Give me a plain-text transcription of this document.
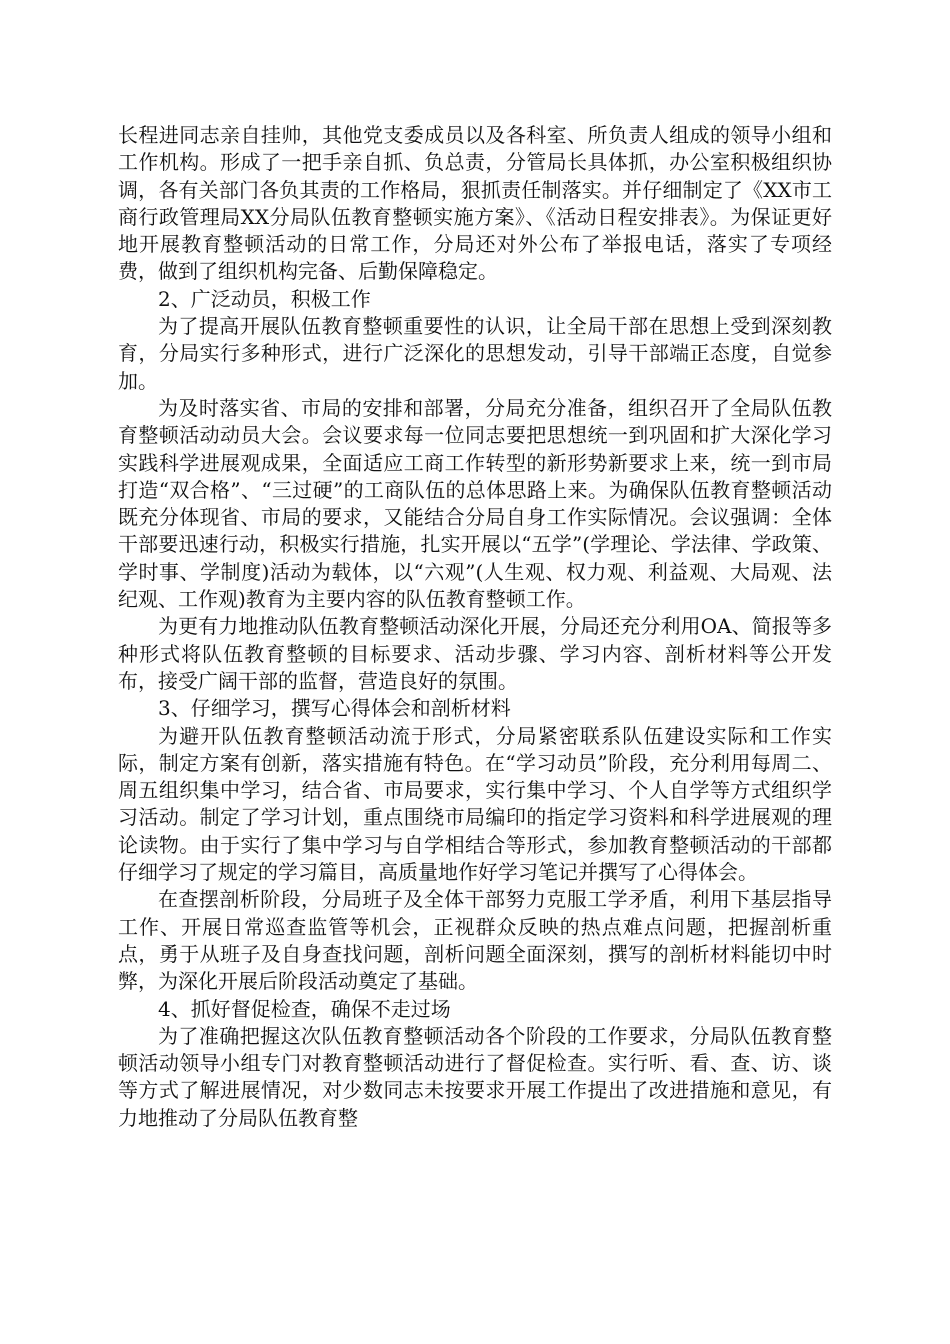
长程进同志亲自挂帅，其他党支委成员以及各科室、所负责人组成的领导小组和工作机构。形成了一把手亲自抓、负总责，分管局长具体抓，办公室积极组织协调，各有关部门各负其责的工作格局，狠抓责任制落实。并仔细制定了《XX市工商行政管理局XX分局队伍教育整顿实施方案》、《活动日程安排表》。为保证更好地开展教育整顿活动的日常工作，分局还对外公布了举报电话，落实了专项经费，做到了组织机构完备、后勤保障稳定。

2、广泛动员，积极工作

为了提高开展队伍教育整顿重要性的认识，让全局干部在思想上受到深刻教育，分局实行多种形式，进行广泛深化的思想发动，引导干部端正态度，自觉参加。

为及时落实省、市局的安排和部署，分局充分准备，组织召开了全局队伍教育整顿活动动员大会。会议要求每一位同志要把思想统一到巩固和扩大深化学习实践科学进展观成果，全面适应工商工作转型的新形势新要求上来，统一到市局打造“双合格”、“三过硬”的工商队伍的总体思路上来。为确保队伍教育整顿活动既充分体现省、市局的要求，又能结合分局自身工作实际情况。会议强调：全体干部要迅速行动，积极实行措施，扎实开展以“五学”(学理论、学法律、学政策、学时事、学制度)活动为载体，以“六观”(人生观、权力观、利益观、大局观、法纪观、工作观)教育为主要内容的队伍教育整顿工作。

为更有力地推动队伍教育整顿活动深化开展，分局还充分利用OA、简报等多种形式将队伍教育整顿的目标要求、活动步骤、学习内容、剖析材料等公开发布，接受广阔干部的监督，营造良好的氛围。

3、仔细学习，撰写心得体会和剖析材料

为避开队伍教育整顿活动流于形式，分局紧密联系队伍建设实际和工作实际，制定方案有创新，落实措施有特色。在“学习动员”阶段，充分利用每周二、周五组织集中学习，结合省、市局要求，实行集中学习、个人自学等方式组织学习活动。制定了学习计划，重点围绕市局编印的指定学习资料和科学进展观的理论读物。由于实行了集中学习与自学相结合等形式，参加教育整顿活动的干部都仔细学习了规定的学习篇目，高质量地作好学习笔记并撰写了心得体会。

在查摆剖析阶段，分局班子及全体干部努力克服工学矛盾，利用下基层指导工作、开展日常巡查监管等机会，正视群众反映的热点难点问题，把握剖析重点，勇于从班子及自身查找问题，剖析问题全面深刻，撰写的剖析材料能切中时弊，为深化开展后阶段活动奠定了基础。

4、抓好督促检查，确保不走过场

为了准确把握这次队伍教育整顿活动各个阶段的工作要求，分局队伍教育整顿活动领导小组专门对教育整顿活动进行了督促检查。实行听、看、查、访、谈等方式了解进展情况，对少数同志未按要求开展工作提出了改进措施和意见，有力地推动了分局队伍教育整
